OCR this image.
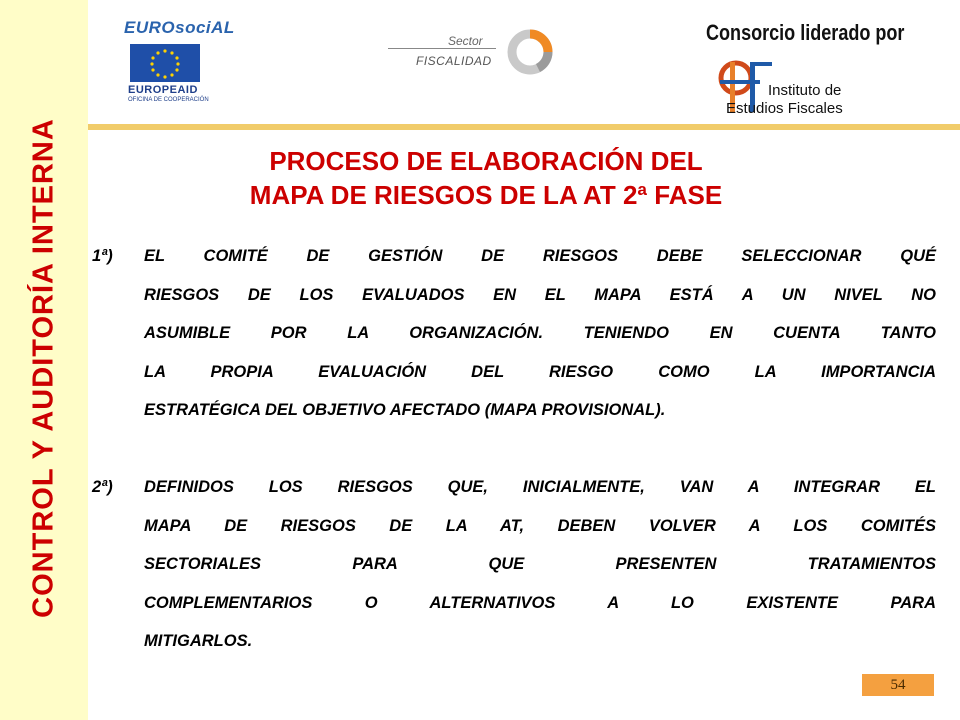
CONTROL Y AUDITORÍA INTERNA
EUROsociAL
EUROPEAID
OFICINA DE COOPERACIÓN
Sector
FISCALIDAD
Consorcio liderado por
Instituto de
Estudios Fiscales
PROCESO DE ELABORACIÓN DEL
MAPA DE RIESGOS DE LA AT 2ª FASE
1ª)	EL COMITÉ DE GESTIÓN DE RIESGOS DEBE SELECCIONAR QUÉ
RIESGOS DE LOS EVALUADOS EN EL MAPA ESTÁ A UN NIVEL NO
ASUMIBLE POR LA ORGANIZACIÓN. TENIENDO EN CUENTA TANTO
LA PROPIA EVALUACIÓN DEL RIESGO COMO LA IMPORTANCIA
ESTRATÉGICA DEL OBJETIVO AFECTADO (MAPA PROVISIONAL).
2ª)	DEFINIDOS LOS RIESGOS QUE, INICIALMENTE, VAN A INTEGRAR EL
MAPA DE RIESGOS DE LA AT, DEBEN VOLVER A LOS COMITÉS
SECTORIALES PARA QUE PRESENTEN TRATAMIENTOS
COMPLEMENTARIOS O ALTERNATIVOS A LO EXISTENTE PARA
MITIGARLOS.
54
